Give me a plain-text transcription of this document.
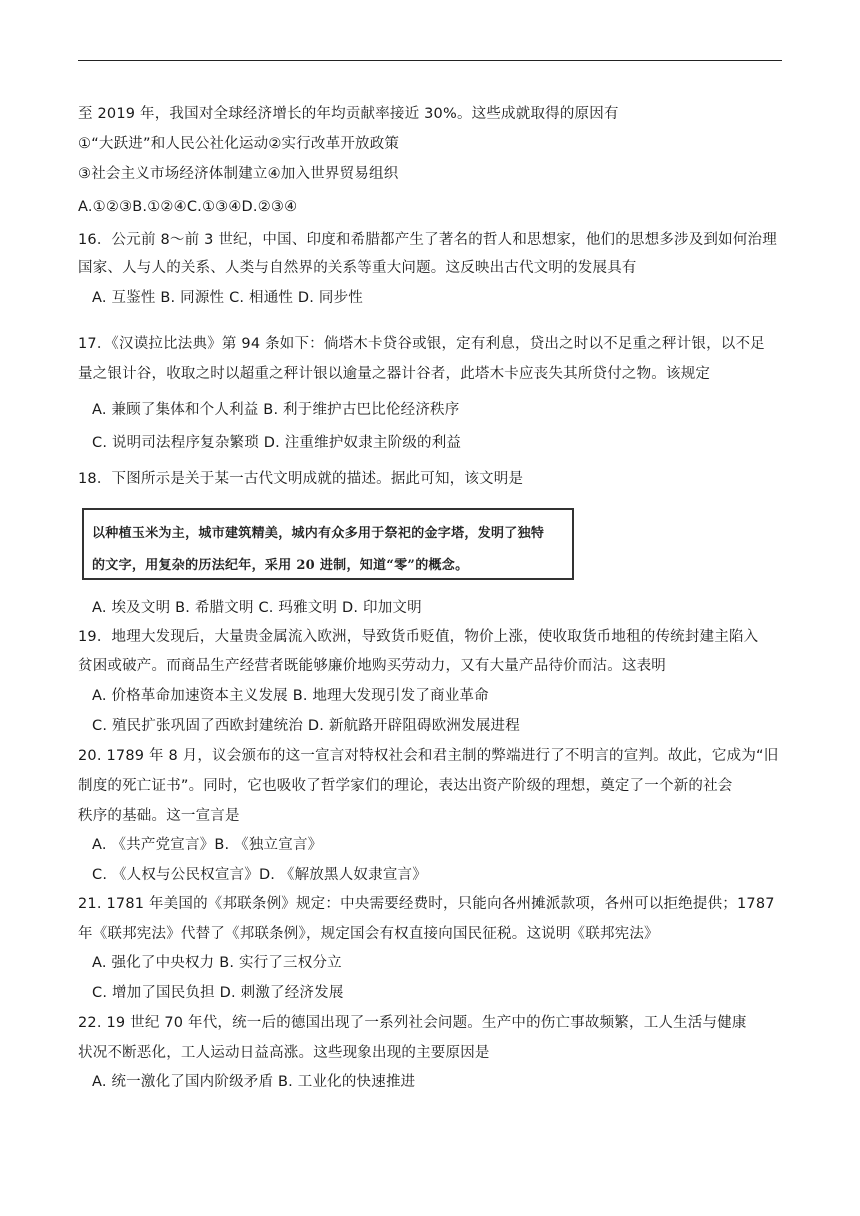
至 2019 年，我国对全球经济增长的年均贡献率接近 30%。这些成就取得的原因有
①“大跃进”和人民公社化运动②实行改革开放政策
③社会主义市场经济体制建立④加入世界贸易组织
A.①②③B.①②④C.①③④D.②③④
16．公元前 8～前 3 世纪，中国、印度和希腊都产生了著名的哲人和思想家，他们的思想多涉及到如何治理
国家、人与人的关系、人类与自然界的关系等重大问题。这反映出古代文明的发展具有
A. 互鉴性 B. 同源性 C. 相通性 D. 同步性
17．《汉谟拉比法典》第 94 条如下：倘塔木卡贷谷或银，定有利息，贷出之时以不足重之秤计银，以不足
量之银计谷，收取之时以超重之秤计银以逾量之器计谷者，此塔木卡应丧失其所贷付之物。该规定
A. 兼顾了集体和个人利益 B. 利于维护古巴比伦经济秩序
C. 说明司法程序复杂繁琐 D. 注重维护奴隶主阶级的利益
18．下图所示是关于某一古代文明成就的描述。据此可知，该文明是
以种植玉米为主，城市建筑精美，城内有众多用于祭祀的金字塔，发明了独特
的文字，用复杂的历法纪年，采用 20 进制，知道“零”的概念。
A. 埃及文明 B. 希腊文明 C. 玛雅文明 D. 印加文明
19．地理大发现后，大量贵金属流入欧洲，导致货币贬值，物价上涨，使收取货币地租的传统封建主陷入
贫困或破产。而商品生产经营者既能够廉价地购买劳动力，又有大量产品待价而沽。这表明
A. 价格革命加速资本主义发展 B. 地理大发现引发了商业革命
C. 殖民扩张巩固了西欧封建统治 D. 新航路开辟阻碍欧洲发展进程
20. 1789 年 8 月，议会颁布的这一宣言对特权社会和君主制的弊端进行了不明言的宣判。故此，它成为“旧
制度的死亡证书”。同时，它也吸收了哲学家们的理论，表达出资产阶级的理想，奠定了一个新的社会
秩序的基础。这一宣言是
A. 《共产党宣言》B. 《独立宣言》
C. 《人权与公民权宣言》D. 《解放黑人奴隶宣言》
21. 1781 年美国的《邦联条例》规定：中央需要经费时，只能向各州摊派款项，各州可以拒绝提供；1787
年《联邦宪法》代替了《邦联条例》，规定国会有权直接向国民征税。这说明《联邦宪法》
A. 强化了中央权力 B. 实行了三权分立
C. 增加了国民负担 D. 刺激了经济发展
22. 19 世纪 70 年代，统一后的德国出现了一系列社会问题。生产中的伤亡事故频繁，工人生活与健康
状况不断恶化，工人运动日益高涨。这些现象出现的主要原因是
A. 统一激化了国内阶级矛盾 B. 工业化的快速推进
